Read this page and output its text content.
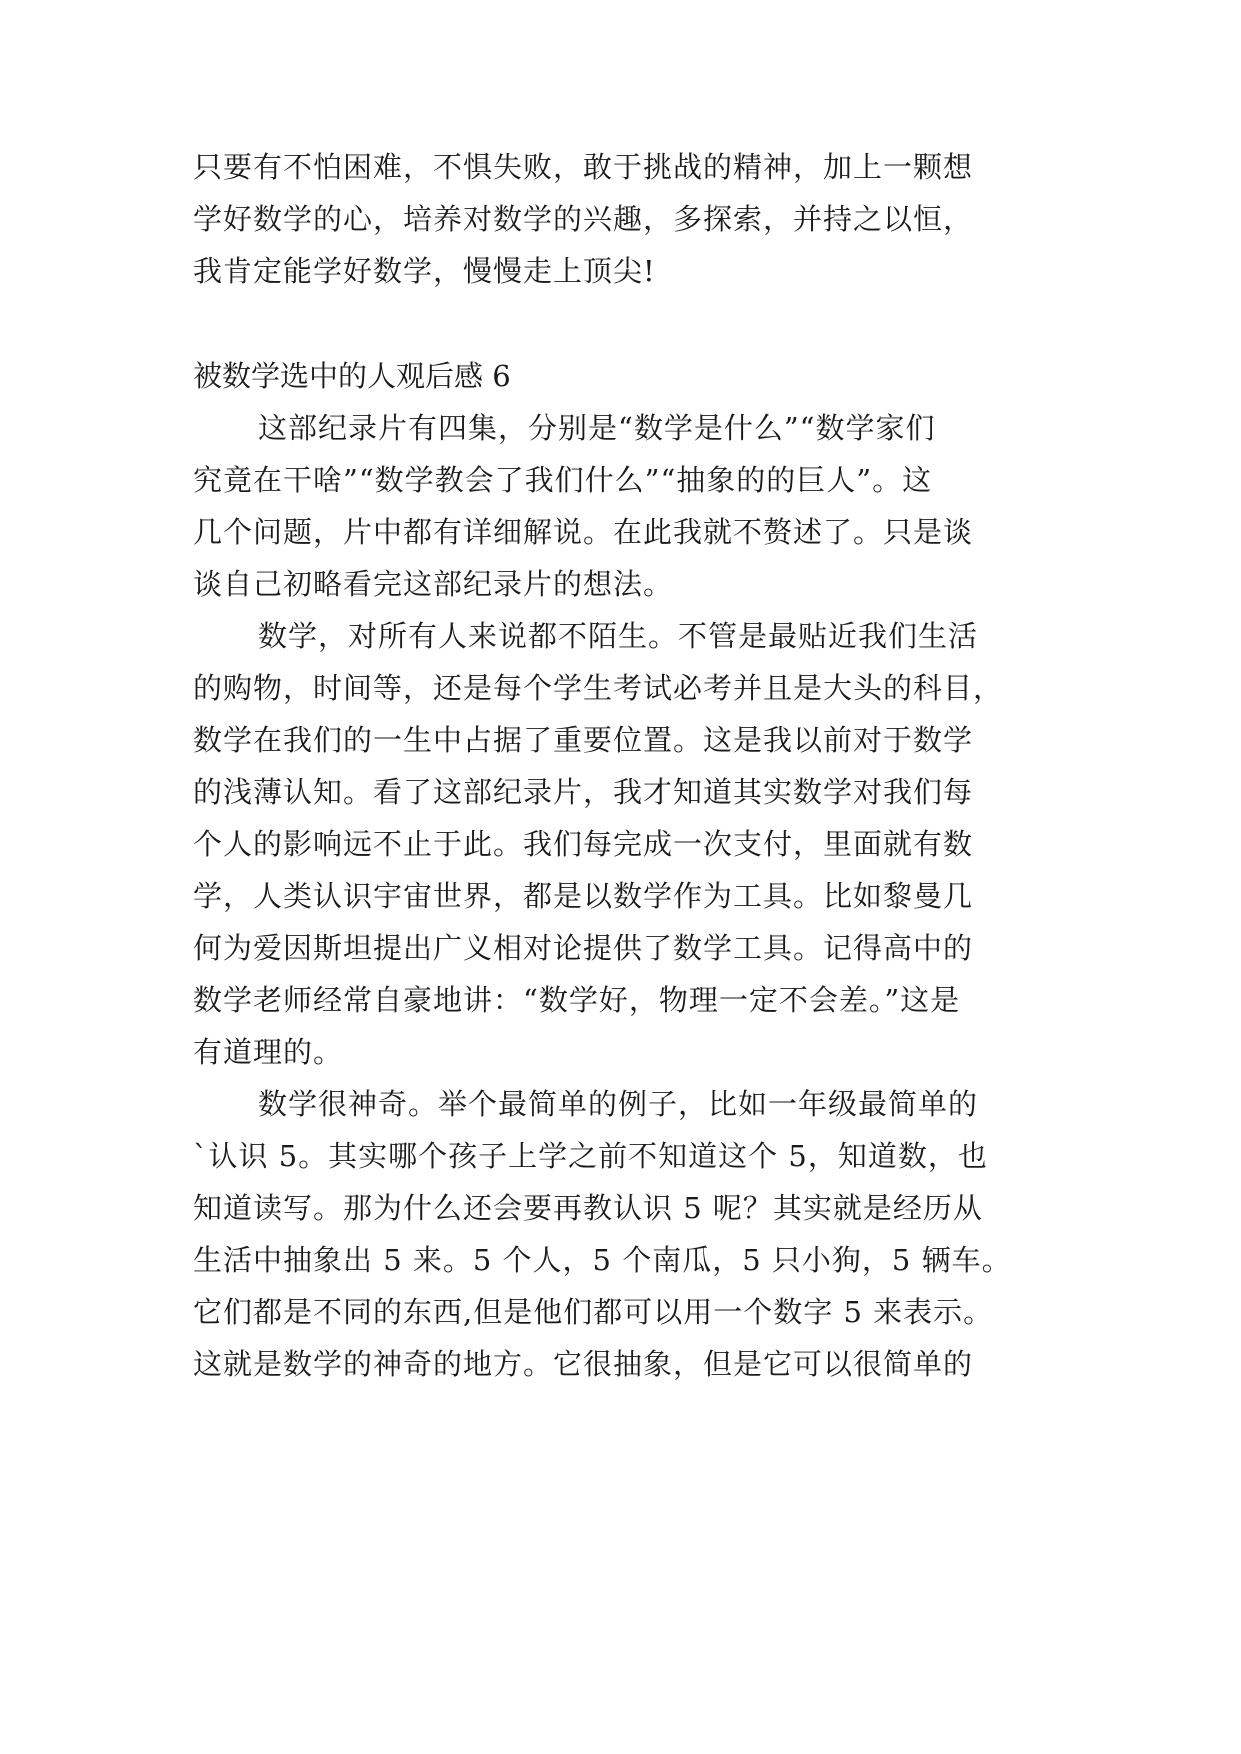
只要有不怕困难，不惧失败，敢于挑战的精神，加上一颗想
学好数学的心，培养对数学的兴趣，多探索，并持之以恒，
我肯定能学好数学，慢慢走上顶尖!
被数学选中的人观后感 6
这部纪录片有四集，分别是“数学是什么”“数学家们
究竟在干啥”“数学教会了我们什么”“抽象的的巨人”。这
几个问题，片中都有详细解说。在此我就不赘述了。只是谈
谈自己初略看完这部纪录片的想法。
数学，对所有人来说都不陌生。不管是最贴近我们生活
的购物，时间等，还是每个学生考试必考并且是大头的科目，
数学在我们的一生中占据了重要位置。这是我以前对于数学
的浅薄认知。看了这部纪录片，我才知道其实数学对我们每
个人的影响远不止于此。我们每完成一次支付，里面就有数
学，人类认识宇宙世界，都是以数学作为工具。比如黎曼几
何为爱因斯坦提出广义相对论提供了数学工具。记得高中的
数学老师经常自豪地讲：“数学好，物理一定不会差。”这是
有道理的。
数学很神奇。举个最简单的例子，比如一年级最简单的
`认识 5。其实哪个孩子上学之前不知道这个 5，知道数，也
知道读写。那为什么还会要再教认识 5 呢？其实就是经历从
生活中抽象出 5 来。5 个人，5 个南瓜，5 只小狗，5 辆车。
它们都是不同的东西,但是他们都可以用一个数字 5 来表示。
这就是数学的神奇的地方。它很抽象，但是它可以很简单的
